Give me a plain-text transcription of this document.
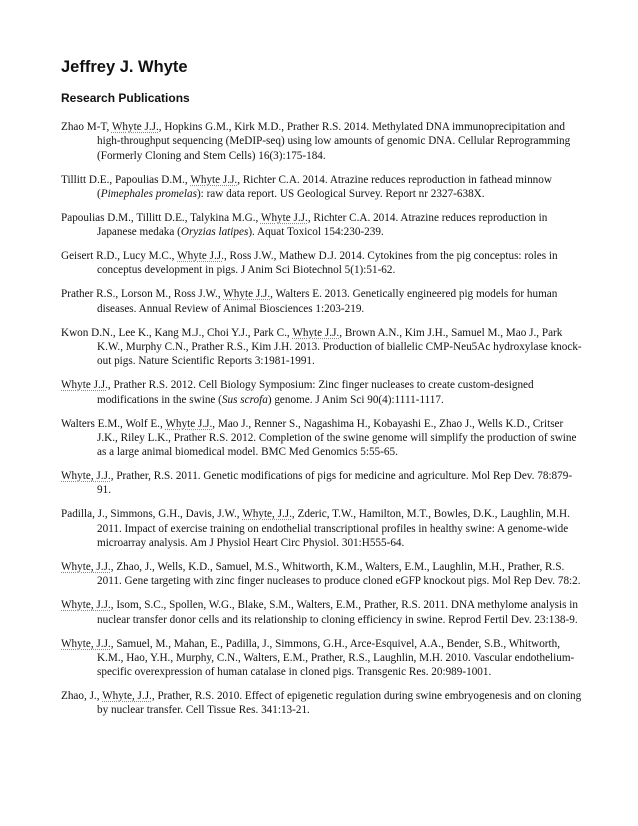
Jeffrey J. Whyte
Research Publications
Zhao M-T, Whyte J.J., Hopkins G.M., Kirk M.D., Prather R.S. 2014. Methylated DNA immunoprecipitation and high-throughput sequencing (MeDIP-seq) using low amounts of genomic DNA. Cellular Reprogramming (Formerly Cloning and Stem Cells) 16(3):175-184.
Tillitt D.E., Papoulias D.M., Whyte J.J., Richter C.A. 2014. Atrazine reduces reproduction in fathead minnow (Pimephales promelas): raw data report. US Geological Survey. Report nr 2327-638X.
Papoulias D.M., Tillitt D.E., Talykina M.G., Whyte J.J., Richter C.A. 2014. Atrazine reduces reproduction in Japanese medaka (Oryzias latipes). Aquat Toxicol 154:230-239.
Geisert R.D., Lucy M.C., Whyte J.J., Ross J.W., Mathew D.J. 2014. Cytokines from the pig conceptus: roles in conceptus development in pigs. J Anim Sci Biotechnol 5(1):51-62.
Prather R.S., Lorson M., Ross J.W., Whyte J.J., Walters E. 2013. Genetically engineered pig models for human diseases. Annual Review of Animal Biosciences 1:203-219.
Kwon D.N., Lee K., Kang M.J., Choi Y.J., Park C., Whyte J.J., Brown A.N., Kim J.H., Samuel M., Mao J., Park K.W., Murphy C.N., Prather R.S., Kim J.H. 2013. Production of biallelic CMP-Neu5Ac hydroxylase knock-out pigs. Nature Scientific Reports 3:1981-1991.
Whyte J.J., Prather R.S. 2012. Cell Biology Symposium: Zinc finger nucleases to create custom-designed modifications in the swine (Sus scrofa) genome. J Anim Sci 90(4):1111-1117.
Walters E.M., Wolf E., Whyte J.J., Mao J., Renner S., Nagashima H., Kobayashi E., Zhao J., Wells K.D., Critser J.K., Riley L.K., Prather R.S. 2012. Completion of the swine genome will simplify the production of swine as a large animal biomedical model. BMC Med Genomics 5:55-65.
Whyte, J.J., Prather, R.S. 2011. Genetic modifications of pigs for medicine and agriculture. Mol Rep Dev. 78:879-91.
Padilla, J., Simmons, G.H., Davis, J.W., Whyte, J.J., Zderic, T.W., Hamilton, M.T., Bowles, D.K., Laughlin, M.H. 2011. Impact of exercise training on endothelial transcriptional profiles in healthy swine: A genome-wide microarray analysis. Am J Physiol Heart Circ Physiol. 301:H555-64.
Whyte, J.J., Zhao, J., Wells, K.D., Samuel, M.S., Whitworth, K.M., Walters, E.M., Laughlin, M.H., Prather, R.S. 2011. Gene targeting with zinc finger nucleases to produce cloned eGFP knockout pigs. Mol Rep Dev. 78:2.
Whyte, J.J., Isom, S.C., Spollen, W.G., Blake, S.M., Walters, E.M., Prather, R.S. 2011. DNA methylome analysis in nuclear transfer donor cells and its relationship to cloning efficiency in swine. Reprod Fertil Dev. 23:138-9.
Whyte, J.J., Samuel, M., Mahan, E., Padilla, J., Simmons, G.H., Arce-Esquivel, A.A., Bender, S.B., Whitworth, K.M., Hao, Y.H., Murphy, C.N., Walters, E.M., Prather, R.S., Laughlin, M.H. 2010. Vascular endothelium-specific overexpression of human catalase in cloned pigs. Transgenic Res. 20:989-1001.
Zhao, J., Whyte, J.J., Prather, R.S. 2010. Effect of epigenetic regulation during swine embryogenesis and on cloning by nuclear transfer. Cell Tissue Res. 341:13-21.
